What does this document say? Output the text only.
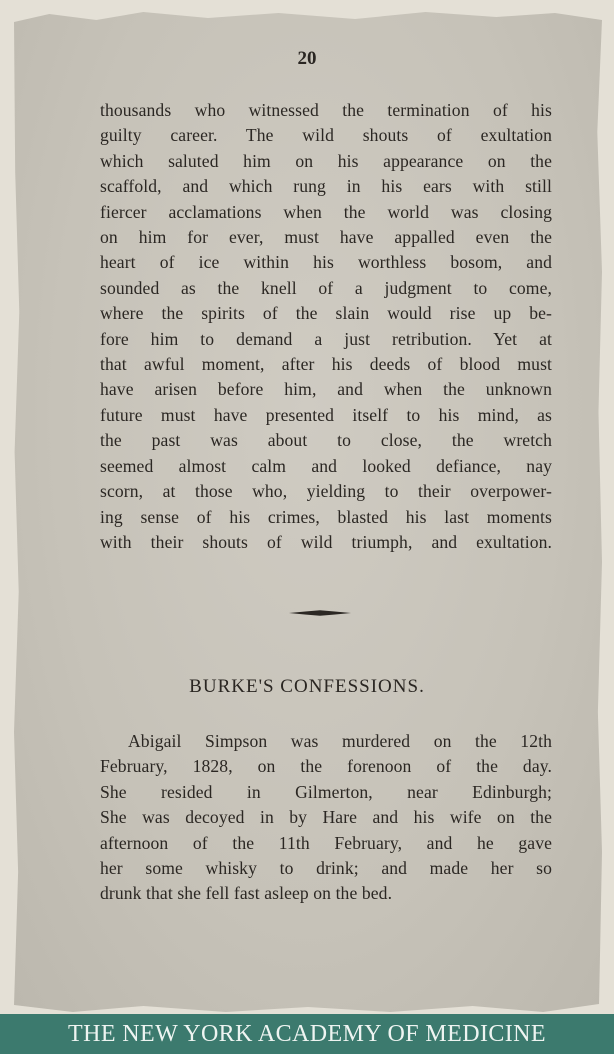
20
thousands who witnessed the termination of his
guilty career. The wild shouts of exultation
which saluted him on his appearance on the
scaffold, and which rung in his ears with still
fiercer acclamations when the world was closing
on him for ever, must have appalled even the
heart of ice within his worthless bosom, and
sounded as the knell of a judgment to come,
where the spirits of the slain would rise up be-
fore him to demand a just retribution. Yet at
that awful moment, after his deeds of blood must
have arisen before him, and when the unknown
future must have presented itself to his mind, as
the past was about to close, the wretch
seemed almost calm and looked defiance, nay
scorn, at those who, yielding to their overpower-
ing sense of his crimes, blasted his last moments
with their shouts of wild triumph, and exultation.
BURKE'S CONFESSIONS.
Abigail Simpson was murdered on the 12th
February, 1828, on the forenoon of the day.
She resided in Gilmerton, near Edinburgh;
She was decoyed in by Hare and his wife on the
afternoon of the 11th February, and he gave
her some whisky to drink; and made her so
drunk that she fell fast asleep on the bed.
THE NEW YORK ACADEMY OF MEDICINE
